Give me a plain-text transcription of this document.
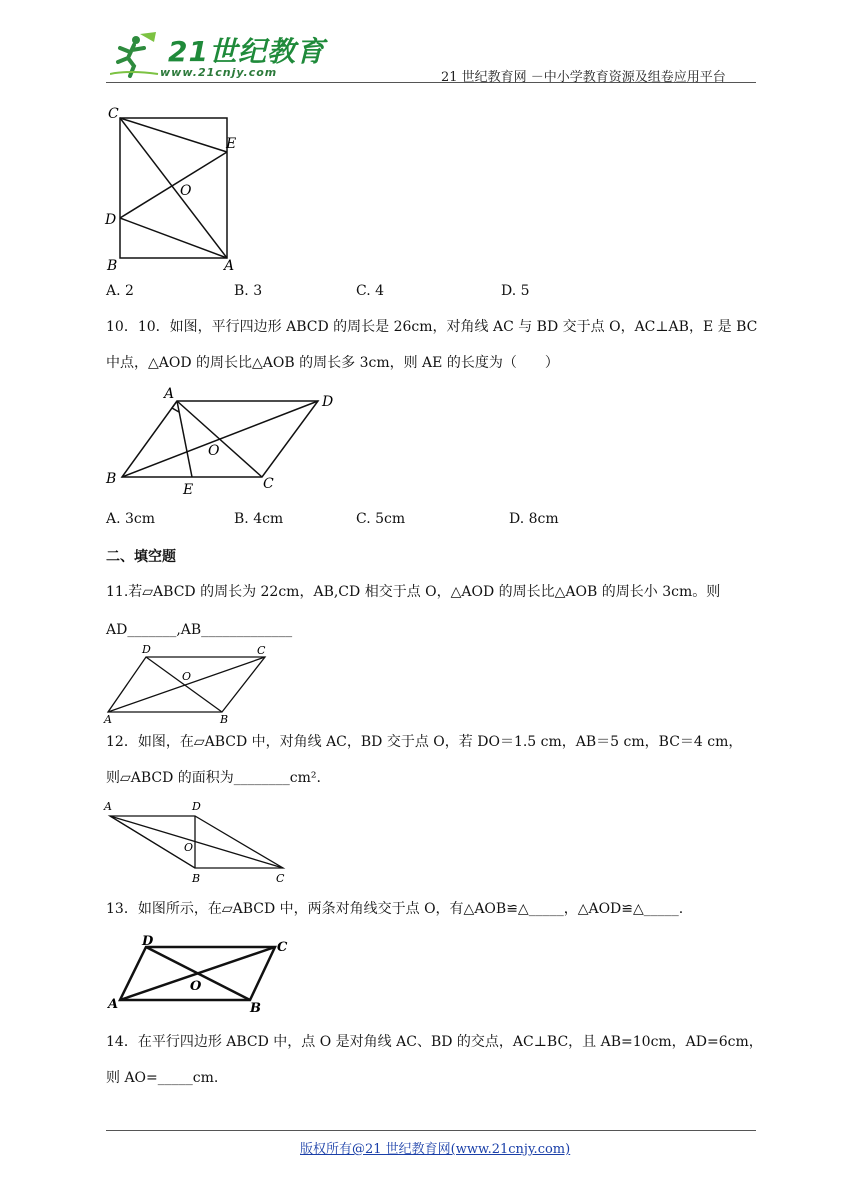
21世纪教育
www.21cnjy.com	21 世纪教育网 －中小学教育资源及组卷应用平台
C
E
O
D
B	A
A. 2	B. 3	C. 4	D. 5
10．10．如图，平行四边形 ABCD 的周长是 26cm，对角线 AC 与 BD 交于点 O，AC⊥AB，E 是 BC
中点，△AOD 的周长比△AOB 的周长多 3cm，则 AE 的长度为（　　）
A	D
O
B
E	C
A. 3cm	B. 4cm	C. 5cm	D. 8cm
二、填空题
11.若▱ABCD 的周长为 22cm，AB,CD 相交于点 O，△AOD 的周长比△AOB 的周长小 3cm。则
AD_______,AB_____________
D	C
O
A	B
12．如图，在▱ABCD 中，对角线 AC，BD 交于点 O，若 DO＝1.5 cm，AB＝5 cm，BC＝4 cm，
则▱ABCD 的面积为________cm².
A	D
O
B	C
13．如图所示，在▱ABCD 中，两条对角线交于点 O，有△AOB≌△_____，△AOD≌△_____.
D	C
O
A	B
14．在平行四边形 ABCD 中，点 O 是对角线 AC、BD 的交点，AC⊥BC，且 AB=10cm，AD=6cm，
则 AO=_____cm.
版权所有@21 世纪教育网(www.21cnjy.com)
